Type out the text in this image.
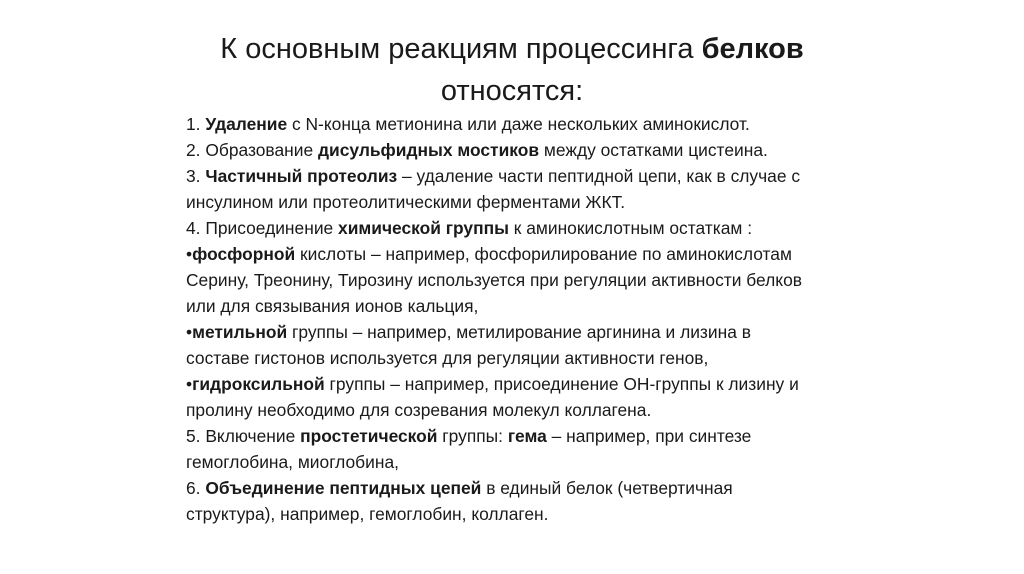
К основным реакциям процессинга белков
относятся:
1. Удаление с N-конца метионина или даже нескольких аминокислот.
2. Образование дисульфидных мостиков между остатками цистеина.
3. Частичный протеолиз – удаление части пептидной цепи, как в случае с
инсулином или протеолитическими ферментами ЖКТ.
4. Присоединение химической группы к аминокислотным остаткам :
•фосфорной кислоты – например, фосфорилирование по аминокислотам
Серину, Треонину, Тирозину используется при регуляции активности белков
или для связывания ионов кальция,
•метильной группы – например, метилирование аргинина и лизина в
составе гистонов используется для регуляции активности генов,
•гидроксильной группы – например, присоединение ОН-группы к лизину и
пролину необходимо для созревания молекул коллагена.
5. Включение простетической группы: гема – например, при синтезе
гемоглобина, миоглобина,
6. Объединение пептидных цепей в единый белок (четвертичная
структура), например, гемоглобин, коллаген.
